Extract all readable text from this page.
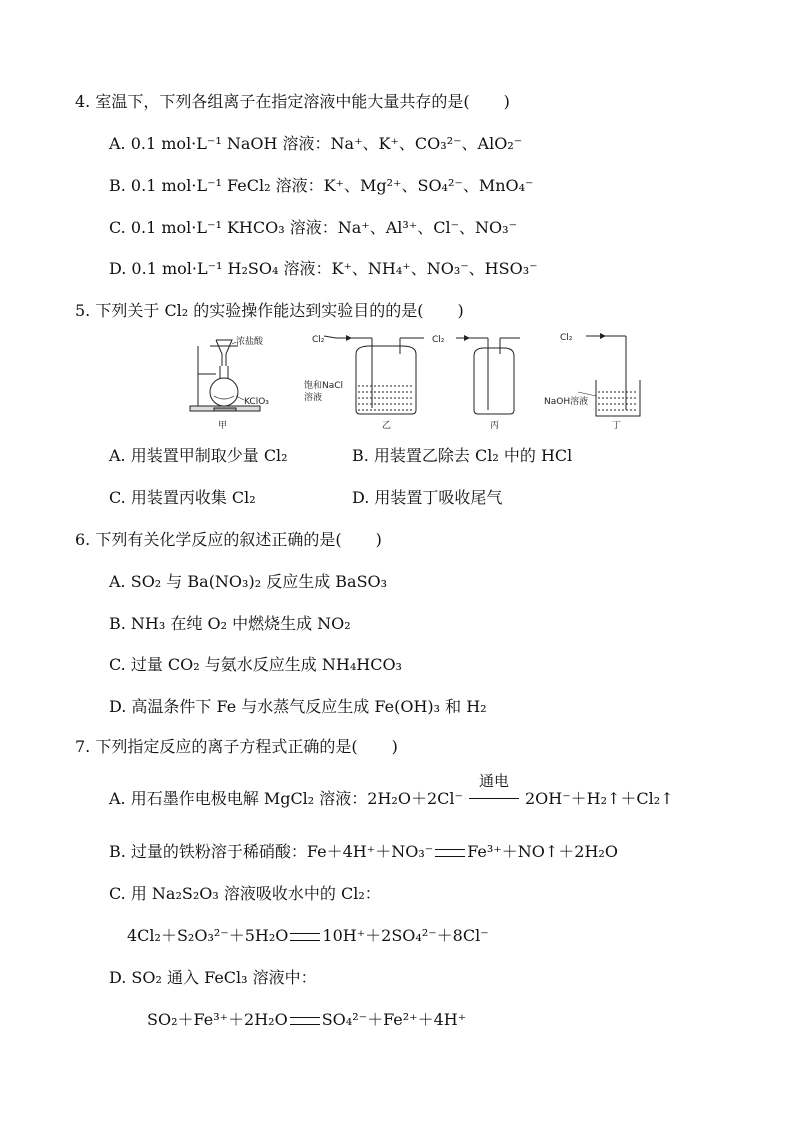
4. 室温下，下列各组离子在指定溶液中能大量共存的是( )
A. 0.1 mol·L⁻¹ NaOH 溶液：Na⁺、K⁺、CO₃²⁻、AlO₂⁻
B. 0.1 mol·L⁻¹ FeCl₂ 溶液：K⁺、Mg²⁺、SO₄²⁻、MnO₄⁻
C. 0.1 mol·L⁻¹ KHCO₃ 溶液：Na⁺、Al³⁺、Cl⁻、NO₃⁻
D. 0.1 mol·L⁻¹ H₂SO₄ 溶液：K⁺、NH₄⁺、NO₃⁻、HSO₃⁻
5. 下列关于 Cl₂ 的实验操作能达到实验目的的是( )
浓盐酸
KClO₃
Cl₂
饱和NaCl
溶液
Cl₂	Cl₂
NaOH溶液
甲	乙	丙	丁
A. 用装置甲制取少量 Cl₂	B. 用装置乙除去 Cl₂ 中的 HCl
C. 用装置丙收集 Cl₂	D. 用装置丁吸收尾气
6. 下列有关化学反应的叙述正确的是( )
A. SO₂ 与 Ba(NO₃)₂ 反应生成 BaSO₃
B. NH₃ 在纯 O₂ 中燃烧生成 NO₂
C. 过量 CO₂ 与氨水反应生成 NH₄HCO₃
D. 高温条件下 Fe 与水蒸气反应生成 Fe(OH)₃ 和 H₂
7. 下列指定反应的离子方程式正确的是( )
A. 用石墨作电极电解 MgCl₂ 溶液：2H₂O＋2Cl⁻
通电
2OH⁻＋H₂↑＋Cl₂↑
B. 过量的铁粉溶于稀硝酸：Fe＋4H⁺＋NO₃⁻ Fe³⁺＋NO↑＋2H₂O
C. 用 Na₂S₂O₃ 溶液吸收水中的 Cl₂：
4Cl₂＋S₂O₃²⁻＋5H₂O 10H⁺＋2SO₄²⁻＋8Cl⁻
D. SO₂ 通入 FeCl₃ 溶液中：
SO₂＋Fe³⁺＋2H₂O SO₄²⁻＋Fe²⁺＋4H⁺
